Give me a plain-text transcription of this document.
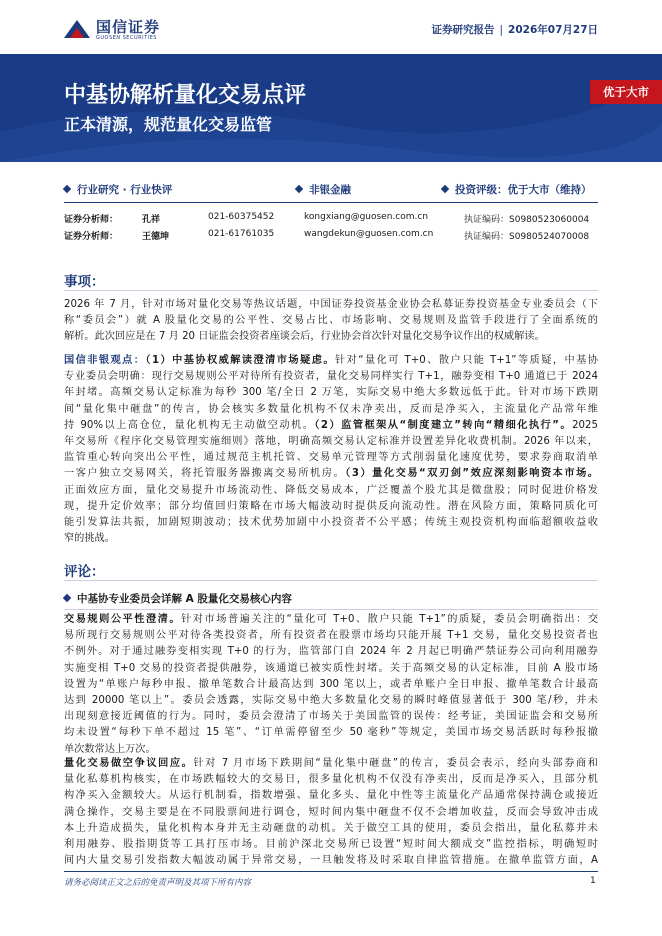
国信证券
GUOSEN SECURITIES
证券研究报告 | 2026年07月27日
中基协解析量化交易点评
正本清源，规范量化交易监管
优于大市
行业研究 · 行业快评	非银金融	投资评级：优于大市（维持）
证券分析师：	孔祥	021-60375452	kongxiang@guosen.com.cn	执证编码：S0980523060004
证券分析师：	王德坤	021-61761035	wangdekun@guosen.com.cn	执证编码：S0980524070008
事项：
2026 年 7 月，针对市场对量化交易等热议话题，中国证券投资基金业协会私募证券投资基金专业委员会（下
称“委员会”）就 A 股量化交易的公平性、交易占比、市场影响、交易规则及监管手段进行了全面系统的
解析。此次回应是在 7 月 20 日证监会投资者座谈会后，行业协会首次针对量化交易争议作出的权威解读。
国信非银观点：（1）中基协权威解读澄清市场疑虑。针对“量化可 T+0、散户只能 T+1”等质疑，中基协
专业委员会明确：现行交易规则公平对待所有投资者，量化交易同样实行 T+1，融券变相 T+0 通道已于 2024
年封堵。高频交易认定标准为每秒 300 笔/全日 2 万笔，实际交易中绝大多数远低于此。针对市场下跌期
间“量化集中砸盘”的传言，协会核实多数量化机构不仅未净卖出，反而是净买入，主流量化产品常年维
持 90%以上高仓位，量化机构无主动做空动机。（2）监管框架从“制度建立”转向“精细化执行”。2025
年交易所《程序化交易管理实施细则》落地，明确高频交易认定标准并设置差异化收费机制。2026 年以来，
监管重心转向突出公平性，通过规范主机托管、交易单元管理等方式削弱量化速度优势，要求券商取消单
一客户独立交易网关，将托管服务器搬离交易所机房。（3）量化交易“双刃剑”效应深刻影响资本市场。
正面效应方面，量化交易提升市场流动性、降低交易成本，广泛覆盖个股尤其是微盘股；同时促进价格发
现，提升定价效率；部分均值回归策略在市场大幅波动时提供反向流动性。潜在风险方面，策略同质化可
能引发算法共振，加剧短期波动；技术优势加剧中小投资者不公平感；传统主观投资机构面临超额收益收
窄的挑战。
评论：
中基协专业委员会详解 A 股量化交易核心内容
交易规则公平性澄清。针对市场普遍关注的“量化可 T+0、散户只能 T+1”的质疑，委员会明确指出：交
易所现行交易规则公平对待各类投资者，所有投资者在股票市场均只能开展 T+1 交易，量化交易投资者也
不例外。对于通过融券变相实现 T+0 的行为，监管部门自 2024 年 2 月起已明确严禁证券公司向利用融券
实施变相 T+0 交易的投资者提供融券，该通道已被实质性封堵。关于高频交易的认定标准，目前 A 股市场
设置为“单账户每秒申报、撤单笔数合计最高达到 300 笔以上，或者单账户全日申报、撤单笔数合计最高
达到 20000 笔以上”。委员会透露，实际交易中绝大多数量化交易的瞬时峰值显著低于 300 笔/秒，并未
出现刻意接近阈值的行为。同时，委员会澄清了市场关于美国监管的误传：经考证，美国证监会和交易所
均未设置“每秒下单不超过 15 笔”、“订单需停留至少 50 毫秒”等规定，美国市场交易活跃时每秒报撤
单次数常达上万次。
量化交易做空争议回应。针对 7 月市场下跌期间“量化集中砸盘”的传言，委员会表示，经向头部券商和
量化私募机构核实，在市场跌幅较大的交易日，很多量化机构不仅没有净卖出，反而是净买入，且部分机
构净买入金额较大。从运行机制看，指数增强、量化多头、量化中性等主流量化产品通常保持满仓或接近
满仓操作，交易主要是在不同股票间进行调仓，短时间内集中砸盘不仅不会增加收益，反而会导致冲击成
本上升造成损失，量化机构本身并无主动砸盘的动机。关于做空工具的使用，委员会指出，量化私募并未
利用融券、股指期货等工具打压市场。目前沪深北交易所已设置“短时间大额成交”监控指标，明确短时
间内大量交易引发指数大幅波动属于异常交易，一旦触发将及时采取自律监管措施。在撤单监管方面，A
请务必阅读正文之后的免责声明及其项下所有内容	1
